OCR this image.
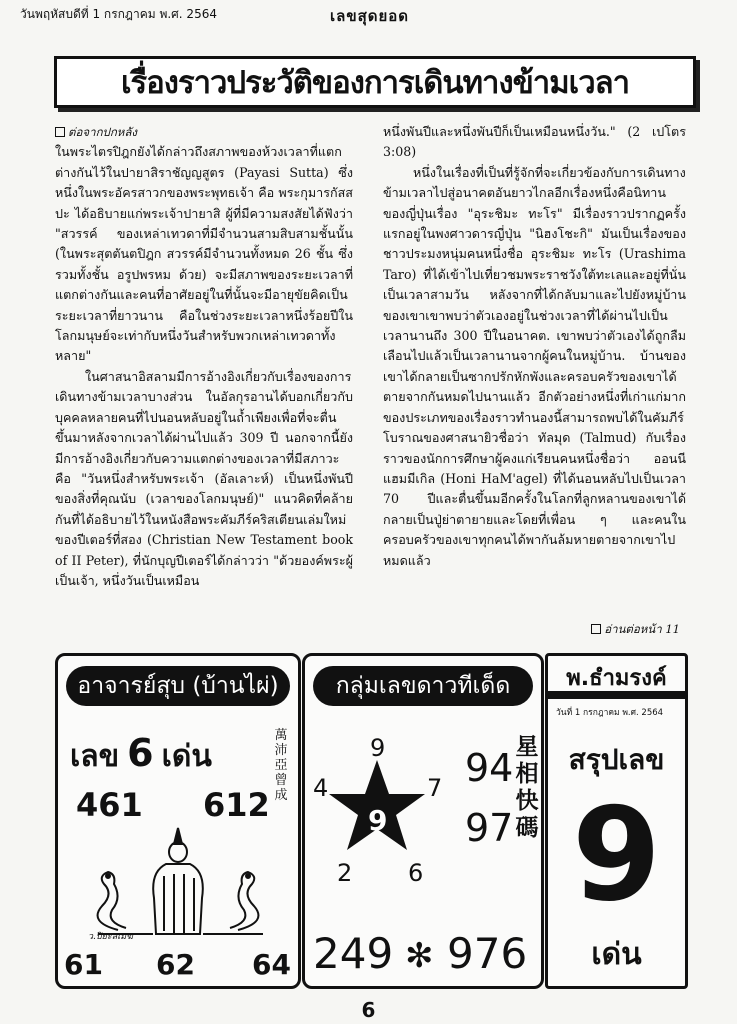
วันพฤหัสบดีที่ 1 กรกฎาคม พ.ศ. 2564	เลขสุดยอด
เรื่องราวประวัติของการเดินทางข้ามเวลา
ต่อจากปกหลัง

ในพระไตรปิฎกยังได้กล่าวถึงสภาพของห้วงเวลาที่แตกต่างกันไว้ในปายาสิราชัญญสูตร (Payasi Sutta) ซึ่งหนึ่งในพระอัครสาวกของพระพุทธเจ้า คือ พระกุมารกัสสปะ ได้อธิบายแก่พระเจ้าปายาสิ ผู้ที่มีความสงสัยได้ฟังว่า "สวรรค์ ของเหล่าเทวดาที่มีจำนวนสามสิบสามชั้นนั้น (ในพระสุตตันตปิฎก สวรรค์มีจำนวนทั้งหมด 26 ชั้น ซึ่งรวมทั้งชั้น อรูปพรหม ด้วย) จะมีสภาพของระยะเวลาที่แตกต่างกันและคนที่อาศัยอยู่ในที่นั้นจะมีอายุขัยคิดเป็นระยะเวลาที่ยาวนาน คือในช่วงระยะเวลาหนึ่งร้อยปีในโลกมนุษย์จะเท่ากับหนึ่งวันสำหรับพวกเหล่าเทวดาทั้งหลาย"

ในศาสนาอิสลามมีการอ้างอิงเกี่ยวกับเรื่องของการเดินทางข้ามเวลาบางส่วน ในอัลกุรอานได้บอกเกี่ยวกับบุคคลหลายคนที่ไปนอนหลับอยู่ในถ้ำเพียงเพื่อที่จะตื่นขึ้นมาหลังจากเวลาได้ผ่านไปแล้ว 309 ปี นอกจากนี้ยังมีการอ้างอิงเกี่ยวกับความแตกต่างของเวลาที่มีสภาวะคือ "วันหนึ่งสำหรับพระเจ้า (อัลเลาะห์) เป็นหนึ่งพันปีของสิ่งที่คุณนับ (เวลาของโลกมนุษย์)" แนวคิดที่คล้ายกันที่ได้อธิบายไว้ในหนังสือพระคัมภีร์คริสเตียนเล่มใหม่ของปีเตอร์ที่สอง (Christian New Testament book of II Peter), ที่นักบุญปีเตอร์ได้กล่าวว่า "ด้วยองค์พระผู้เป็นเจ้า, หนึ่งวันเป็นเหมือน

หนึ่งพันปีและหนึ่งพันปีก็เป็นเหมือนหนึ่งวัน." (2 เปโตร 3:08)

หนึ่งในเรื่องที่เป็นที่รู้จักที่จะเกี่ยวข้องกับการเดินทางข้ามเวลาไปสู่อนาคตอันยาวไกลอีกเรื่องหนึ่งคือนิทานของญี่ปุ่นเรื่อง "อุระชิมะ ทะโร" มีเรื่องราวปรากฏครั้งแรกอยู่ในพงศาวดารญี่ปุ่น "นิฮงโชะกิ" มันเป็นเรื่องของชาวประมงหนุ่มคนหนึ่งชื่อ อุระชิมะ ทะโร (Urashima Taro) ที่ได้เข้าไปเที่ยวชมพระราชวังใต้ทะเลและอยู่ที่นั่นเป็นเวลาสามวัน หลังจากที่ได้กลับมาและไปยังหมู่บ้านของเขาเขาพบว่าตัวเองอยู่ในช่วงเวลาที่ได้ผ่านไปเป็นเวลานานถึง 300 ปีในอนาคต. เขาพบว่าตัวเองได้ถูกลืมเลือนไปแล้วเป็นเวลานานจากผู้คนในหมู่บ้าน. บ้านของเขาได้กลายเป็นซากปรักหักพังและครอบครัวของเขาได้ตายจากกันหมดไปนานแล้ว อีกตัวอย่างหนึ่งที่เก่าแก่มากของประเภทของเรื่องราวทำนองนี้สามารถพบได้ในคัมภีร์โบราณของศาสนายิวชื่อว่า ทัลมุด (Talmud) กับเรื่องราวของนักการศึกษาผู้คงแก่เรียนคนหนึ่งชื่อว่า ออนนี แฮมมีเกิล (Honi HaM'agel) ที่ได้นอนหลับไปเป็นเวลา 70 ปีและตื่นขึ้นมอีกครั้งในโลกที่ลูกหลานของเขาได้กลายเป็นปู่ย่าตายายและโดยที่เพื่อน ๆ และคนในครอบครัวของเขาทุกคนได้พากันล้มหายตายจากเขาไปหมดแล้ว

อ่านต่อหน้า 11
อาจารย์สุบ (บ้านไผ่)
เลข 6 เด่น
萬
沛
亞
曾
成
461 612
ว.ปิยะสเมฆ
61 62 64
กลุ่มเลขดาวทีเด็ด
9
9
4	7
2 6
94
97
星
相
快
碼
249 ✻ 976
พ.ธำมรงค์
วันที่ 1 กรกฎาคม พ.ศ. 2564
สรุปเลข
9
เด่น
6
